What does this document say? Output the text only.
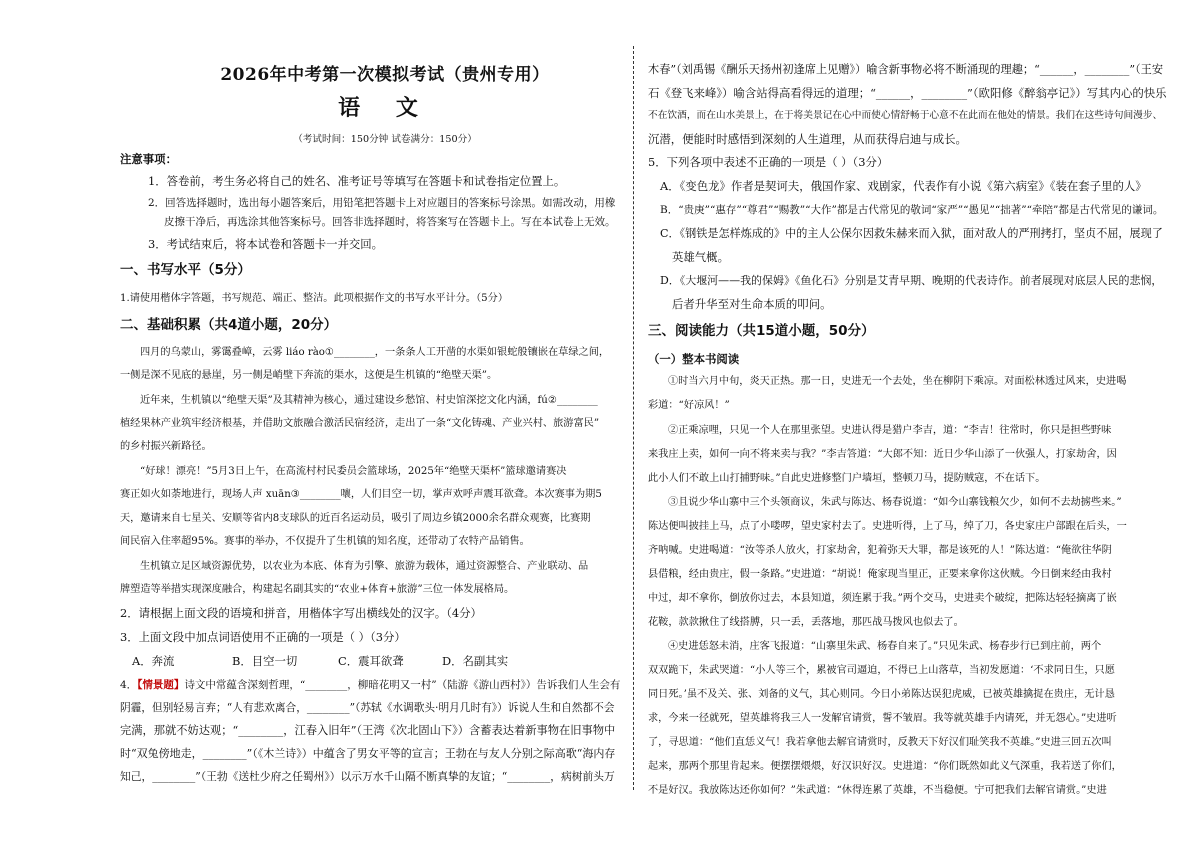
2026年中考第一次模拟考试（贵州专用）
语 文
（考试时间：150分钟 试卷满分：150分）
注意事项：
1．答卷前，考生务必将自己的姓名、准考证号等填写在答题卡和试卷指定位置上。
2．回答选择题时，选出每小题答案后，用铅笔把答题卡上对应题目的答案标号涂黑。如需改动，用橡
皮擦干净后，再选涂其他答案标号。回答非选择题时，将答案写在答题卡上。写在本试卷上无效。
3．考试结束后，将本试卷和答题卡一并交回。
一、书写水平（5分）
1.请使用楷体字答题，书写规范、端正、整洁。此项根据作文的书写水平计分。（5分）
二、基础积累（共4道小题，20分）
四月的乌蒙山，雾霭叠嶂，云雾 liáo rào①________，一条条人工开凿的水渠如银蛇般镶嵌在草绿之间，
一侧是深不见底的悬崖，另一侧是峭壁下奔流的渠水，这便是生机镇的“绝壁天渠”。
近年来，生机镇以“绝壁天渠”及其精神为核心，通过建设乡愁馆、村史馆深挖文化内涵，fú②________
植经果林产业筑牢经济根基，并借助文旅融合激活民宿经济，走出了一条“文化铸魂、产业兴村、旅游富民”
的乡村振兴新路径。
“好球！漂亮！”5月3日上午，在高流村村民委员会篮球场，2025年“绝壁天渠杯”篮球邀请赛决
赛正如火如荼地进行，现场人声 xuān③________嚷，人们目空一切，掌声欢呼声震耳欲聋。本次赛事为期5
天，邀请来自七星关、安顺等省内8支球队的近百名运动员，吸引了周边乡镇2000余名群众观赛，比赛期
间民宿入住率超95%。赛事的举办，不仅提升了生机镇的知名度，还带动了农特产品销售。
生机镇立足区域资源优势，以农业为本底、体育为引擎、旅游为载体，通过资源整合、产业联动、品
牌塑造等举措实现深度融合，构建起名副其实的“农业+体育+旅游”三位一体发展格局。
2．请根据上面文段的语境和拼音，用楷体字写出横线处的汉字。（4分）
3．上面文段中加点词语使用不正确的一项是（ ）（3分）
A．奔流	B．目空一切	C．震耳欲聋	D．名副其实
4．【情景题】诗文中常蕴含深刻哲理，“________，柳暗花明又一村”（陆游《游山西村》）告诉我们人生会有
阴霾，但别轻易言弃；“人有悲欢离合，________”（苏轼《水调歌头·明月几时有》）诉说人生和自然都不会
完满，那就不妨达观；“________，江春入旧年”（王湾《次北固山下》）含蓄表达着新事物在旧事物中
时“双兔傍地走，________”（《木兰诗》）中蕴含了男女平等的宣言；王勃在与友人分别之际高歌“海内存
知己，________”（王勃《送杜少府之任蜀州》）以示万水千山隔不断真挚的友谊；“________，病树前头万
木春”（刘禹锡《酬乐天扬州初逢席上见赠》）喻含新事物必将不断涌现的理趣；“______，________”（王安
石《登飞来峰》）喻含站得高看得远的道理；“______，________”（欧阳修《醉翁亭记》）写其内心的快乐
不在饮酒，而在山水美景上，在于将美景记在心中而使心情舒畅于心意不在此而在他处的情景。我们在这些诗句间漫步、
沉潜，便能时时感悟到深刻的人生道理，从而获得启迪与成长。
5．下列各项中表述不正确的一项是（ ）（3分）
A．《变色龙》作者是契诃夫，俄国作家、戏剧家，代表作有小说《第六病室》《装在套子里的人》
B．“贵庚”“惠存”“尊君”“赐教”“大作”都是古代常见的敬词“家严”“愚见”“拙著”“牵陪”都是古代常见的谦词。
C．《钢铁是怎样炼成的》中的主人公保尔因救朱赫来而入狱，面对敌人的严刑拷打，坚贞不屈，展现了
英雄气概。
D．《大堰河——我的保姆》《鱼化石》分别是艾青早期、晚期的代表诗作。前者展现对底层人民的悲悯，
后者升华至对生命本质的叩问。
三、阅读能力（共15道小题，50分）
（一）整本书阅读
①时当六月中旬，炎天正热。那一日，史进无一个去处，坐在柳阴下乘凉。对面松林透过风来，史进喝
彩道：“好凉风！”
②正乘凉哩，只见一个人在那里张望。史进认得是猎户李吉，道：“李吉！往常时，你只是担些野味
来我庄上卖，如何一向不将来卖与我？”李吉答道：“大郎不知：近日少华山添了一伙强人，打家劫舍，因
此小人们不敢上山打捕野味。”自此史进修整门户墙垣，整顿刀马，提防贼寇，不在话下。
③且说少华山寨中三个头领商议，朱武与陈达、杨春说道：“如今山寨钱粮欠少，如何不去劫掳些来。”
陈达便叫披挂上马，点了小喽啰，望史家村去了。史进听得，上了马，绰了刀，各史家庄户部跟在后头，一
齐呐喊。史进喝道：“汝等杀人放火，打家劫舍，犯着弥天大罪，都是该死的人！”陈达道：“俺欲往华阴
县借粮，经由贵庄，假一条路。”史进道：“胡说！俺家现当里正，正要来拿你这伙贼。今日倒来经由我村
中过，却不拿你，倒放你过去，本县知道，须连累于我。”两个交马，史进卖个破绽，把陈达轻轻摘离了嵌
花鞍，款款揪住了线搭膊，只一丢，丢落地，那匹战马拨风也似去了。
④史进恁怒未消，庄客飞报道：“山寨里朱武、杨春自来了。”只见朱武、杨春步行已到庄前，两个
双双跪下，朱武哭道：“小人等三个，累被官司逼迫，不得已上山落草，当初发愿道：‘不求同日生，只愿
同日死。’虽不及关、张、刘备的义气，其心则同。今日小弟陈达误犯虎威，已被英雄擒捉在贵庄，无计恳
求，今来一径就死，望英雄将我三人一发解官请赏，誓不皱眉。我等就英雄手内请死，并无怨心。”史进听
了，寻思道：“他们直恁义气！我若拿他去解官请赏时，反教天下好汉们耻笑我不英雄。”史进三回五次叫
起来，那两个那里肯起来。便摆摆煨煨，好汉识好汉。史进道：“你们既然如此义气深重，我若送了你们，
不是好汉。我放陈达还你如何？”朱武道：“休得连累了英雄，不当稳便。宁可把我们去解官请赏。”史进
